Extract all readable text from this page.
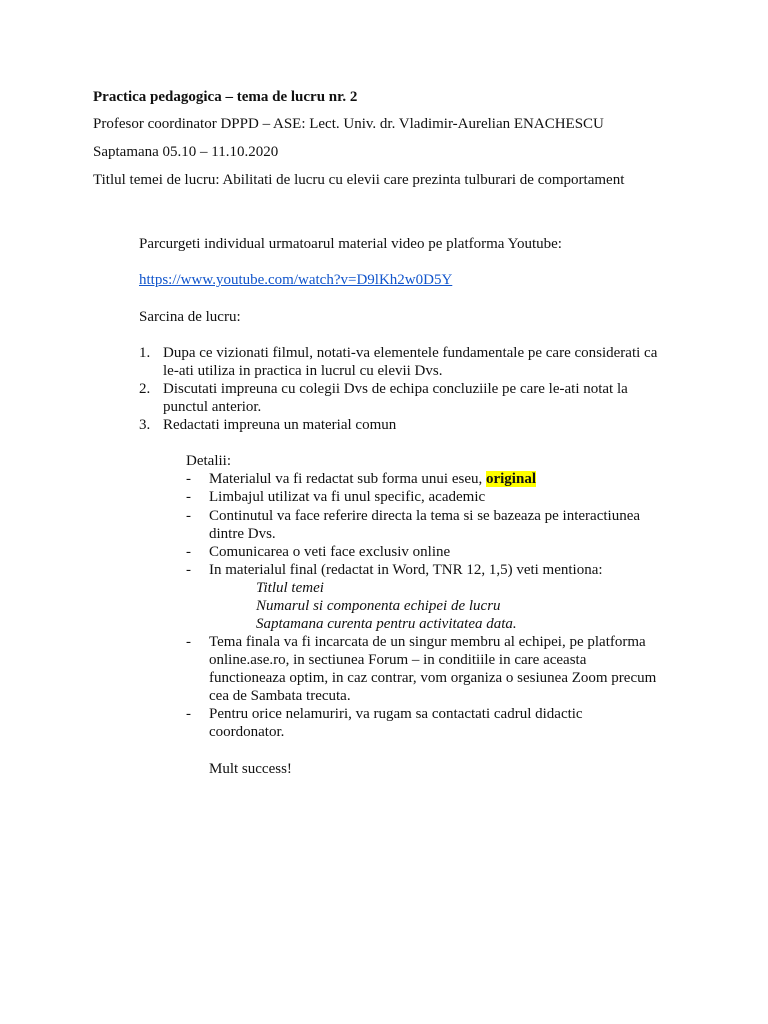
Practica pedagogica – tema de lucru nr. 2
Profesor coordinator DPPD – ASE: Lect. Univ. dr. Vladimir-Aurelian ENACHESCU
Saptamana 05.10 – 11.10.2020
Titlul temei de lucru: Abilitati de lucru cu elevii care prezinta tulburari de comportament
Parcurgeti individual urmatoarul material video pe platforma Youtube:
https://www.youtube.com/watch?v=D9lKh2w0D5Y
Sarcina de lucru:
1. Dupa ce vizionati filmul, notati-va elementele fundamentale pe care considerati ca
le-ati utiliza in practica in lucrul cu elevii Dvs.
2. Discutati impreuna cu colegii Dvs de echipa concluziile pe care le-ati notat la
punctul anterior.
3. Redactati impreuna un material comun
Detalii:
- Materialul va fi redactat sub forma unui eseu, original
- Limbajul utilizat va fi unul specific, academic
- Continutul va face referire directa la tema si se bazeaza pe interactiunea
dintre Dvs.
- Comunicarea o veti face exclusiv online
- In materialul final (redactat in Word, TNR 12, 1,5) veti mentiona:
Titlul temei
Numarul si componenta echipei de lucru
Saptamana curenta pentru activitatea data.
- Tema finala va fi incarcata de un singur membru al echipei, pe platforma
online.ase.ro, in sectiunea Forum – in conditiile in care aceasta
functioneaza optim, in caz contrar, vom organiza o sesiunea Zoom precum
cea de Sambata trecuta.
- Pentru orice nelamuriri, va rugam sa contactati cadrul didactic
coordonator.
Mult success!
